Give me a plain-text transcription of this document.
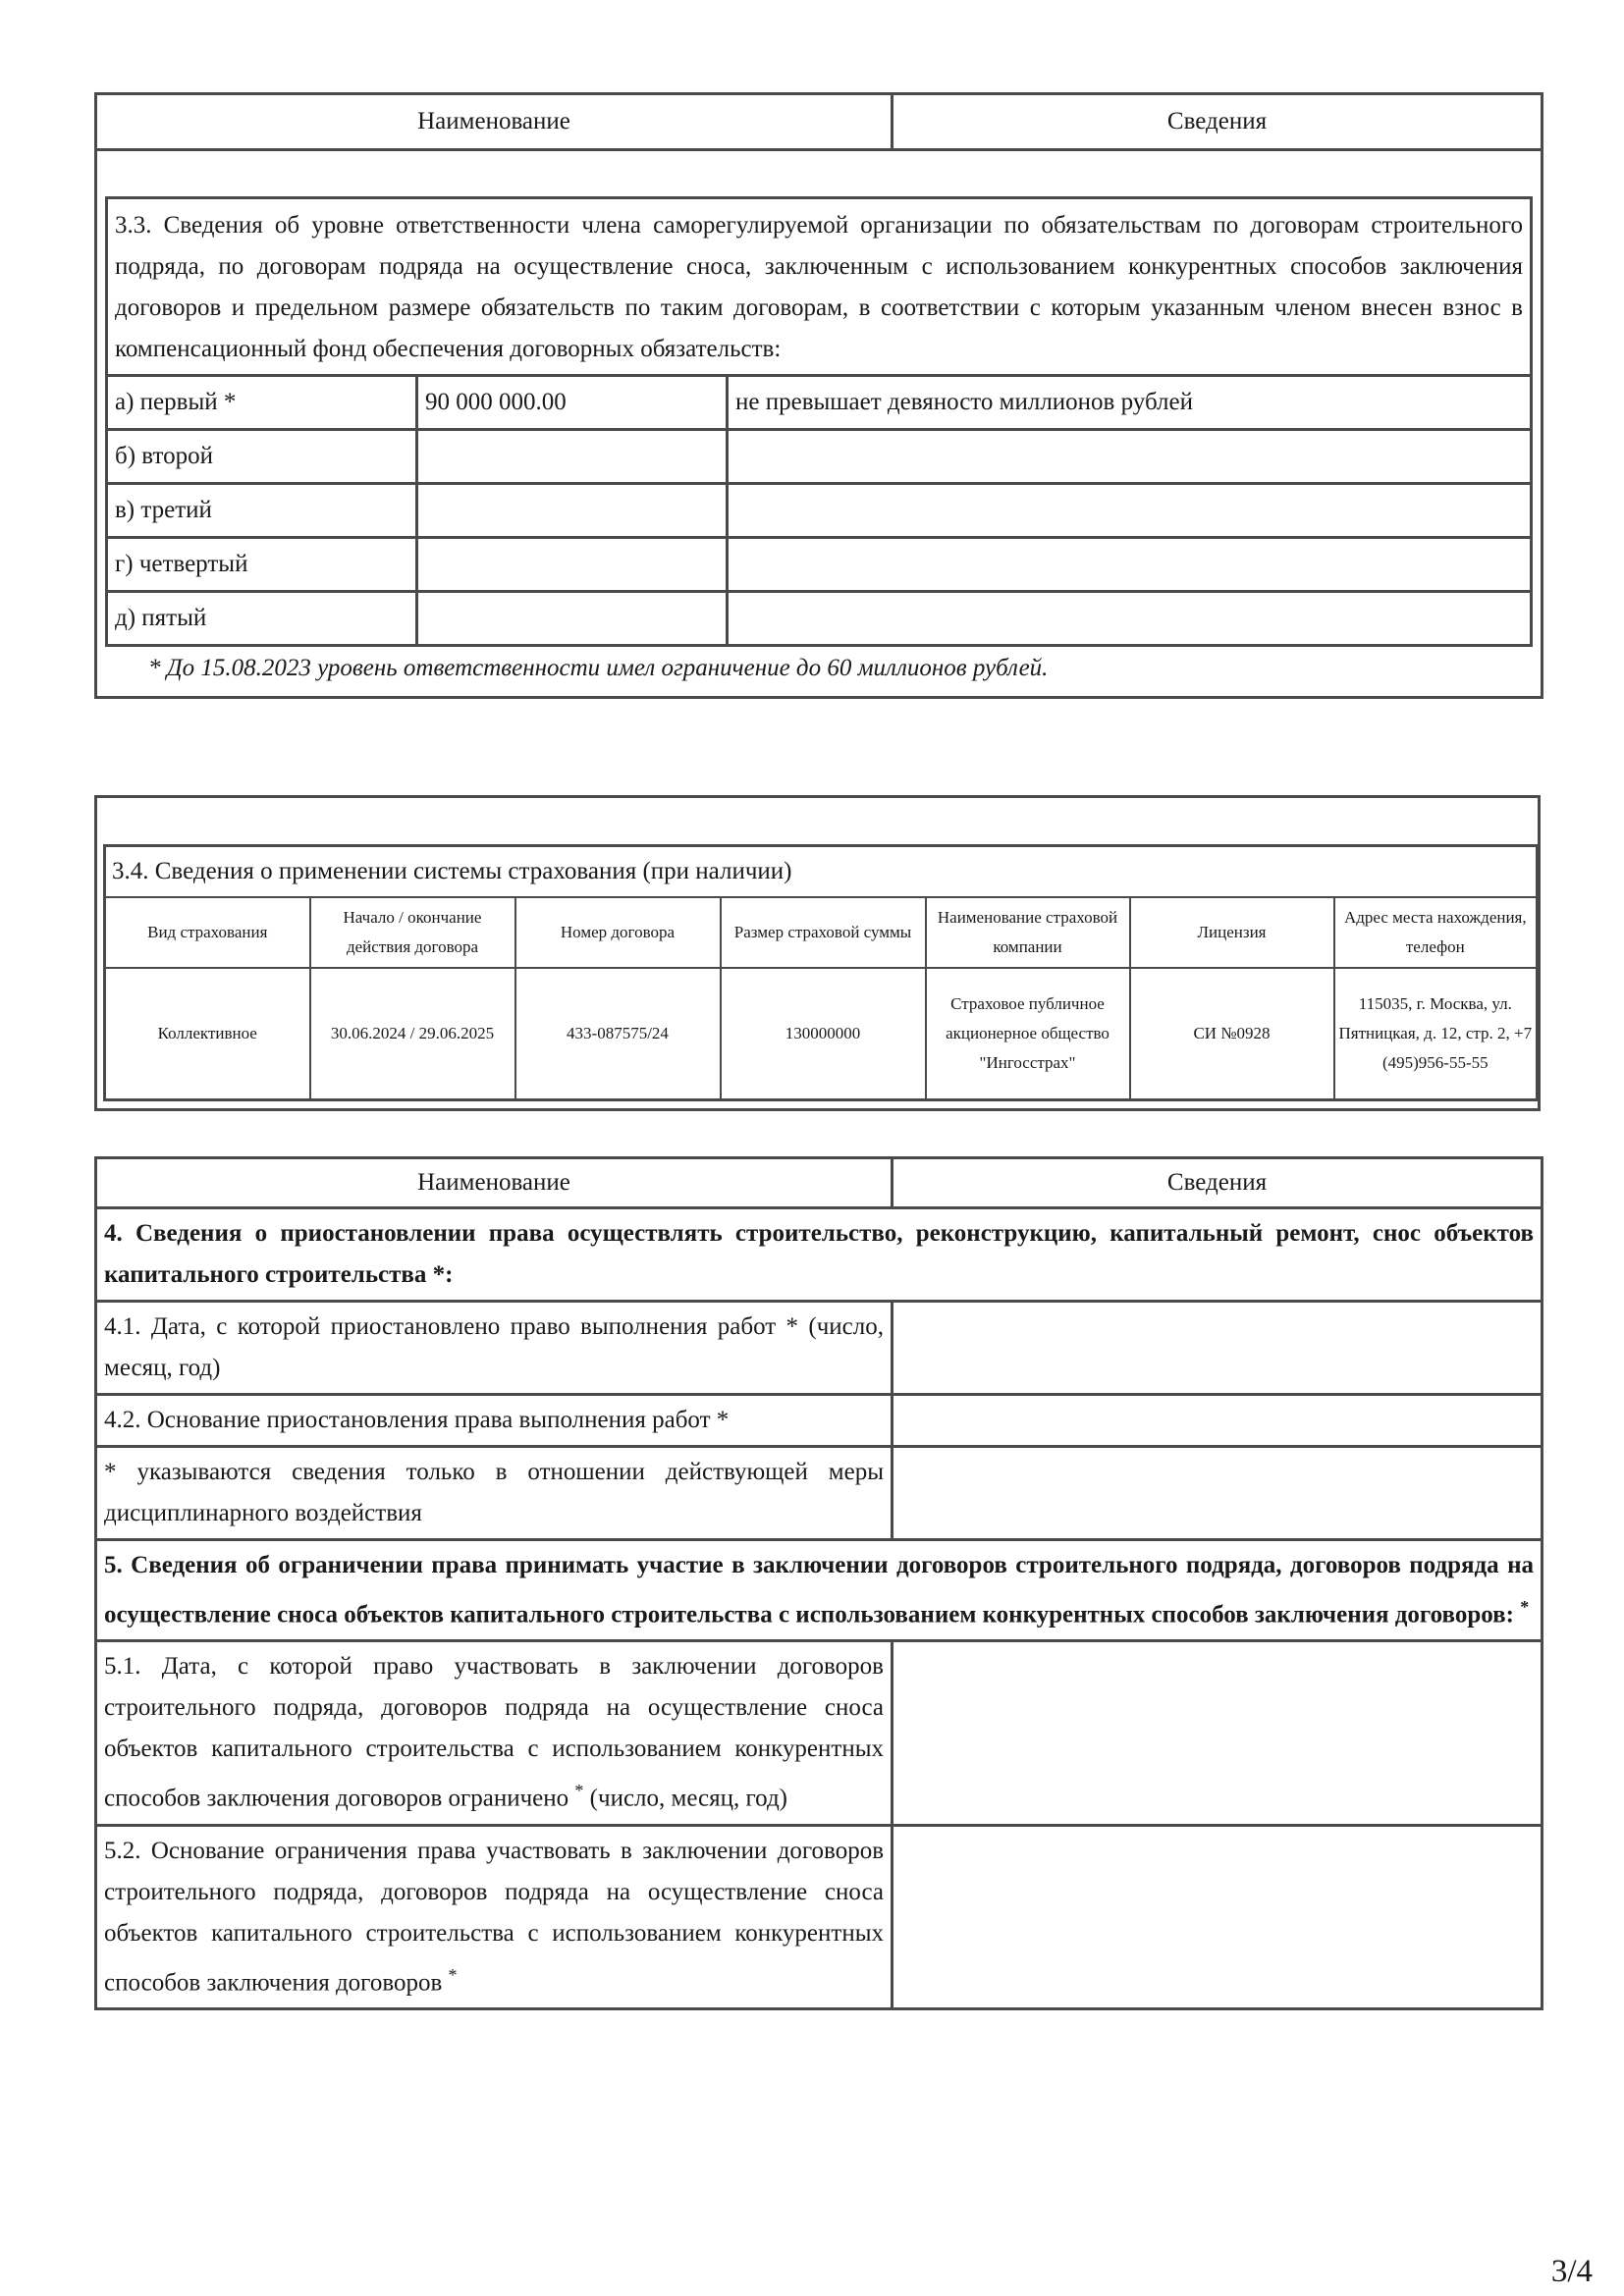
Наименование	Сведения

3.3. Сведения об уровне ответственности члена саморегулируемой организации по обязательствам по договорам строительного подряда, по договорам подряда на осуществление сноса, заключенным с использованием конкурентных способов заключения договоров и предельном размере обязательств по таким договорам, в соответствии с которым указанным членом внесен взнос в компенсационный фонд обеспечения договорных обязательств:
а) первый *	90 000 000.00	не превышает девяносто миллионов рублей
б) второй		
в) третий		
г) четвертый		
д) пятый		
* До 15.08.2023 уровень ответственности имел ограничение до 60 миллионов рублей.
3.4. Сведения о применении системы страхования (при наличии)						
Вид страхования	Начало / окончание действия договора	Номер договора	Размер страховой суммы	Наименование страховой компании	Лицензия	Адрес места нахождения, телефон
Коллективное	30.06.2024 / 29.06.2025	433-087575/24	130000000	Страховое публичное акционерное общество "Ингосстрах"	СИ №0928	115035, г. Москва, ул. Пятницкая, д. 12, стр. 2, +7 (495)956-55-55
Наименование	Сведения
4. Сведения о приостановлении права осуществлять строительство, реконструкцию, капитальный ремонт, снос объектов капитального строительства *:	
4.1. Дата, с которой приостановлено право выполнения работ * (число, месяц, год)	
4.2. Основание приостановления права выполнения работ *	
* указываются сведения только в отношении действующей меры дисциплинарного воздействия	
5. Сведения об ограничении права принимать участие в заключении договоров строительного подряда, договоров подряда на осуществление сноса объектов капитального строительства с использованием конкурентных способов заключения договоров: *
5.1. Дата, с которой право участвовать в заключении договоров строительного подряда, договоров подряда на осуществление сноса объектов капитального строительства с использованием конкурентных способов заключения договоров ограничено * (число, месяц, год)	
5.2. Основание ограничения права участвовать в заключении договоров строительного подряда, договоров подряда на осуществление сноса объектов капитального строительства с использованием конкурентных способов заключения договоров *	
3/4
